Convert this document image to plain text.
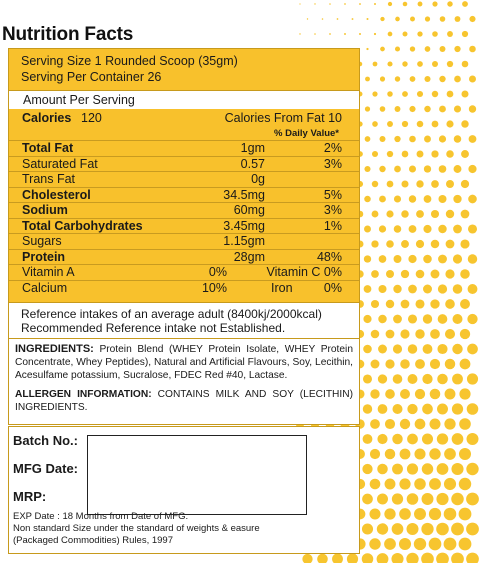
Nutrition Facts
Serving Size 1 Rounded Scoop (35gm)
Serving Per Container 26
Amount Per Serving
Calories 120	Calories From Fat 10
% Daily Value*
Total Fat	1gm	2%
Saturated Fat	0.57	3%
Trans Fat	0g
Cholesterol	34.5mg	5%
Sodium	60mg	3%
Total Carbohydrates	3.45mg	1%
Sugars	1.15gm
Protein	28gm	48%
Vitamin A	0%	Vitamin C 0%
Calcium	10%	Iron	0%
Reference intakes of an average adult (8400kj/2000kcal)
Recommended Reference intake not Established.

INGREDIENTS: Protein Blend (WHEY Protein Isolate, WHEY Protein Concentrate, Whey Peptides), Natural and Artificial Flavours, Soy, Lecithin, Acesulfame potassium, Sucralose, FDEC Red #40, Lactase.

ALLERGEN INFORMATION: CONTAINS MILK AND SOY (LECITHIN) INGREDIENTS.

Batch No.:
MFG Date:
MRP:
EXP Date : 18 Months from Date of MFG.
Non standard Size under the standard of weights & easure
(Packaged Commodities) Rules, 1997
